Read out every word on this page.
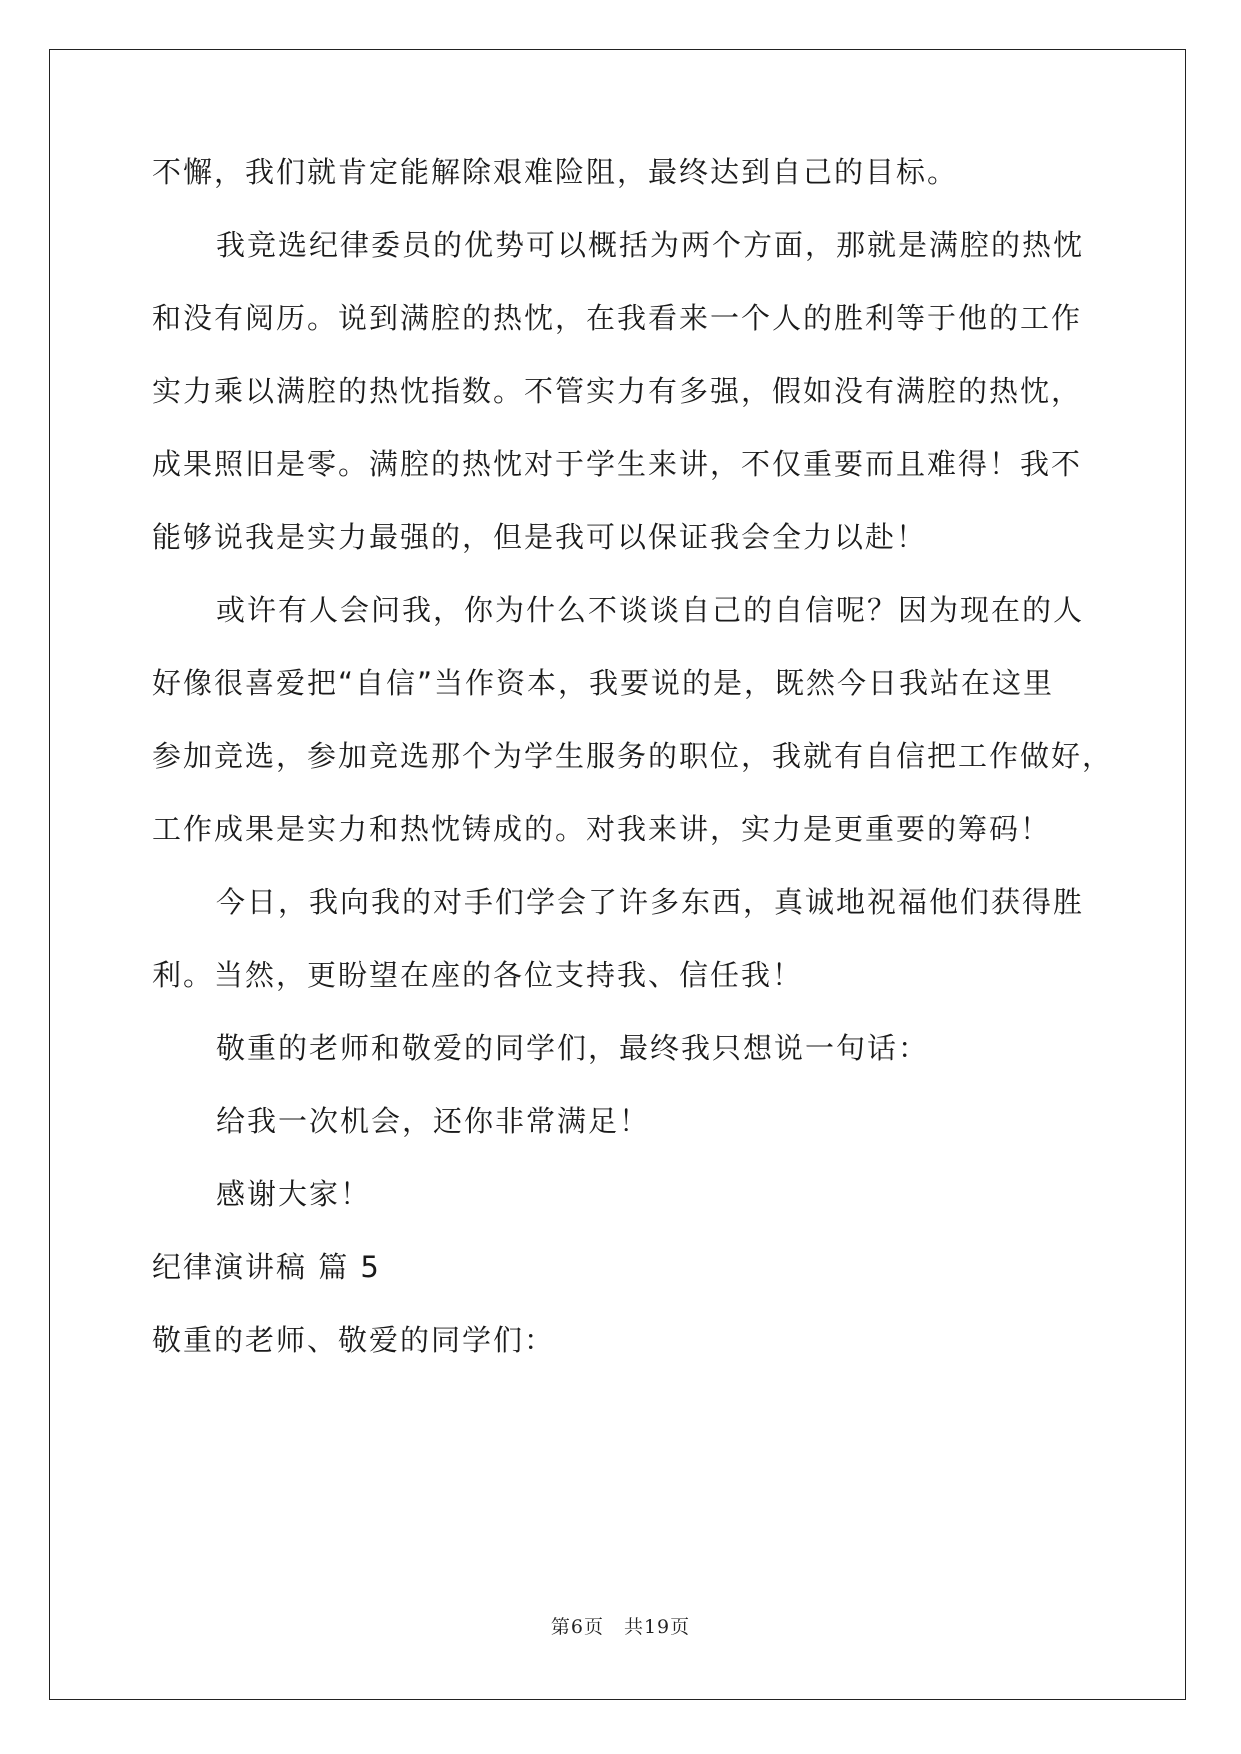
不懈，我们就肯定能解除艰难险阻，最终达到自己的目标。
我竞选纪律委员的优势可以概括为两个方面，那就是满腔的热忱
和没有阅历。说到满腔的热忱，在我看来一个人的胜利等于他的工作
实力乘以满腔的热忱指数。不管实力有多强，假如没有满腔的热忱，
成果照旧是零。满腔的热忱对于学生来讲，不仅重要而且难得！我不
能够说我是实力最强的，但是我可以保证我会全力以赴！
或许有人会问我，你为什么不谈谈自己的自信呢？因为现在的人
好像很喜爱把“自信”当作资本，我要说的是，既然今日我站在这里
参加竞选，参加竞选那个为学生服务的职位，我就有自信把工作做好，
工作成果是实力和热忱铸成的。对我来讲，实力是更重要的筹码！
今日，我向我的对手们学会了许多东西，真诚地祝福他们获得胜
利。当然，更盼望在座的各位支持我、信任我！
敬重的老师和敬爱的同学们，最终我只想说一句话：
给我一次机会，还你非常满足！
感谢大家！
纪律演讲稿 篇 5
敬重的老师、敬爱的同学们：
第6页　共19页
